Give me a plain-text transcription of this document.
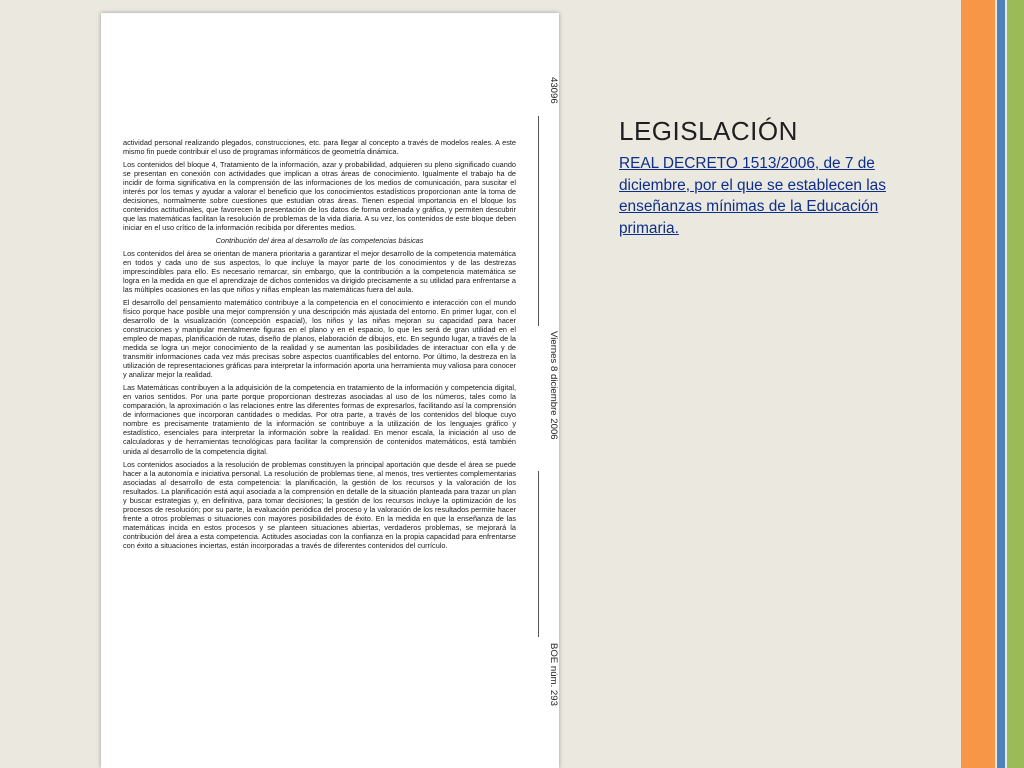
43096
Viernes 8 diciembre 2006
BOE núm. 293

actividad personal realizando plegados, construcciones, etc. para llegar al concepto a través de modelos reales. A este mismo fin puede contribuir el uso de programas informáticos de geometría dinámica.

Los contenidos del bloque 4, Tratamiento de la información, azar y probabilidad, adquieren su pleno significado cuando se presentan en conexión con actividades que implican a otras áreas de conocimiento. Igualmente el trabajo ha de incidir de forma significativa en la comprensión de las informaciones de los medios de comunicación, para suscitar el interés por los temas y ayudar a valorar el beneficio que los conocimientos estadísticos proporcionan ante la toma de decisiones, normalmente sobre cuestiones que estudian otras áreas. Tienen especial importancia en el bloque los contenidos actitudinales, que favorecen la presentación de los datos de forma ordenada y gráfica, y permiten descubrir que las matemáticas facilitan la resolución de problemas de la vida diaria. A su vez, los contenidos de este bloque deben iniciar en el uso crítico de la información recibida por diferentes medios.

Contribución del área al desarrollo de las competencias básicas

Los contenidos del área se orientan de manera prioritaria a garantizar el mejor desarrollo de la competencia matemática en todos y cada uno de sus aspectos, lo que incluye la mayor parte de los conocimientos y de las destrezas imprescindibles para ello. Es necesario remarcar, sin embargo, que la contribución a la competencia matemática se logra en la medida en que el aprendizaje de dichos contenidos va dirigido precisamente a su utilidad para enfrentarse a las múltiples ocasiones en las que niños y niñas emplean las matemáticas fuera del aula.

El desarrollo del pensamiento matemático contribuye a la competencia en el conocimiento e interacción con el mundo físico porque hace posible una mejor comprensión y una descripción más ajustada del entorno. En primer lugar, con el desarrollo de la visualización (concepción espacial), los niños y las niñas mejoran su capacidad para hacer construcciones y manipular mentalmente figuras en el plano y en el espacio, lo que les será de gran utilidad en el empleo de mapas, planificación de rutas, diseño de planos, elaboración de dibujos, etc. En segundo lugar, a través de la medida se logra un mejor conocimiento de la realidad y se aumentan las posibilidades de interactuar con ella y de transmitir informaciones cada vez más precisas sobre aspectos cuantificables del entorno. Por último, la destreza en la utilización de representaciones gráficas para interpretar la información aporta una herramienta muy valiosa para conocer y analizar mejor la realidad.

Las Matemáticas contribuyen a la adquisición de la competencia en tratamiento de la información y competencia digital, en varios sentidos. Por una parte porque proporcionan destrezas asociadas al uso de los números, tales como la comparación, la aproximación o las relaciones entre las diferentes formas de expresarlos, facilitando así la comprensión de informaciones que incorporan cantidades o medidas. Por otra parte, a través de los contenidos del bloque cuyo nombre es precisamente tratamiento de la información se contribuye a la utilización de los lenguajes gráfico y estadístico, esenciales para interpretar la información sobre la realidad. En menor escala, la iniciación al uso de calculadoras y de herramientas tecnológicas para facilitar la comprensión de contenidos matemáticos, está también unida al desarrollo de la competencia digital.

Los contenidos asociados a la resolución de problemas constituyen la principal aportación que desde el área se puede hacer a la autonomía e iniciativa personal. La resolución de problemas tiene, al menos, tres vertientes complementarias asociadas al desarrollo de esta competencia: la planificación, la gestión de los recursos y la valoración de los resultados. La planificación está aquí asociada a la comprensión en detalle de la situación planteada para trazar un plan y buscar estrategias y, en definitiva, para tomar decisiones; la gestión de los recursos incluye la optimización de los procesos de resolución; por su parte, la evaluación periódica del proceso y la valoración de los resultados permite hacer frente a otros problemas o situaciones con mayores posibilidades de éxito. En la medida en que la enseñanza de las matemáticas incida en estos procesos y se planteen situaciones abiertas, verdaderos problemas, se mejorará la contribución del área a esta competencia. Actitudes asociadas con la confianza en la propia capacidad para enfrentarse con éxito a situaciones inciertas, están incorporadas a través de diferentes contenidos del currículo.

LEGISLACIÓN
REAL DECRETO 1513/2006, de 7 de diciembre, por el que se establecen las enseñanzas mínimas de la Educación primaria.
